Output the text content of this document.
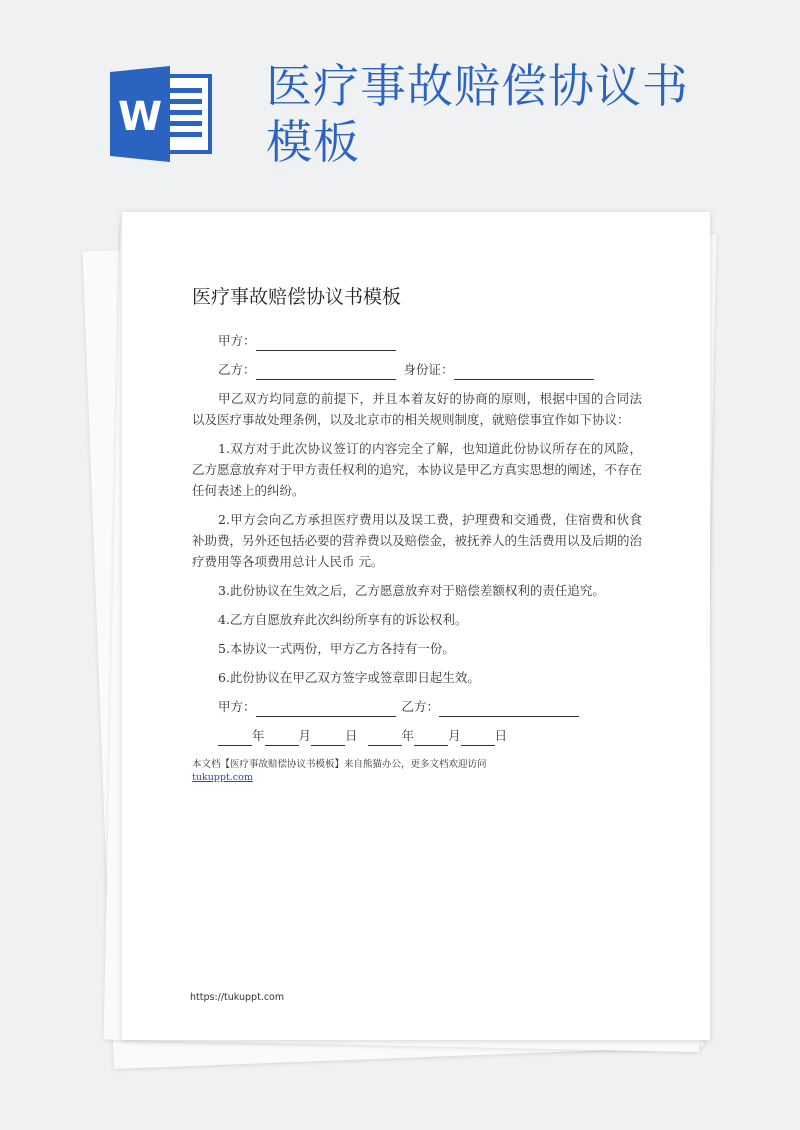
W
医疗事故赔偿协议书模板
医疗事故赔偿协议书模板
甲方：
乙方：	身份证：

甲乙双方均同意的前提下，并且本着友好的协商的原则，根据中国的合同法以及医疗事故处理条例，以及北京市的相关规则制度，就赔偿事宜作如下协议：

1.双方对于此次协议签订的内容完全了解，也知道此份协议所存在的风险，乙方愿意放弃对于甲方责任权利的追究，本协议是甲乙方真实思想的阐述，不存在任何表述上的纠纷。

2.甲方会向乙方承担医疗费用以及误工费，护理费和交通费，住宿费和伙食补助费，另外还包括必要的营养费以及赔偿金，被抚养人的生活费用以及后期的治疗费用等各项费用总计人民币 元。

3.此份协议在生效之后，乙方愿意放弃对于赔偿差额权利的责任追究。

4.乙方自愿放弃此次纠纷所享有的诉讼权利。

5.本协议一式两份，甲方乙方各持有一份。

6.此份协议在甲乙双方签字或签章即日起生效。

甲方：	乙方：
年	月	日	年	月	日
本文档【医疗事故赔偿协议书模板】来自熊猫办公，更多文档欢迎访问
tukuppt.com
https://tukuppt.com
